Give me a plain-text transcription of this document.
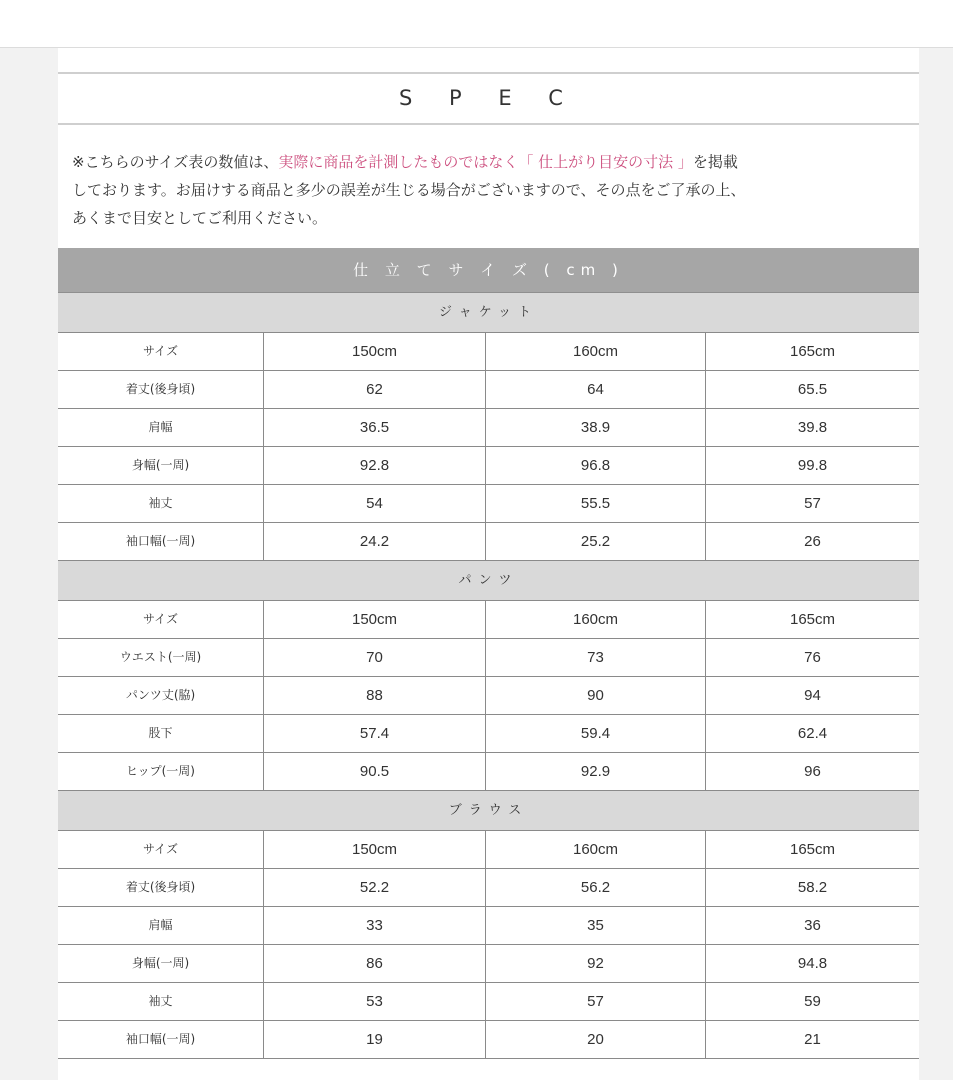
S P E C
※こちらのサイズ表の数値は、実際に商品を計測したものではなく「 仕上がり目安の寸法 」を掲載
しております。お届けする商品と多少の誤差が生じる場合がございますので、その点をご了承の上、
あくまで目安としてご利用ください。
仕 立 て サ イ ズ ( cm )
ジャケット
サイズ	150cm	160cm	165cm
着丈(後身頃)	62	64	65.5
肩幅	36.5	38.9	39.8
身幅(一周)	92.8	96.8	99.8
袖丈	54	55.5	57
袖口幅(一周)	24.2	25.2	26
パンツ
サイズ	150cm	160cm	165cm
ウエスト(一周)	70	73	76
パンツ丈(脇)	88	90	94
股下	57.4	59.4	62.4
ヒップ(一周)	90.5	92.9	96
ブラウス
サイズ	150cm	160cm	165cm
着丈(後身頃)	52.2	56.2	58.2
肩幅	33	35	36
身幅(一周)	86	92	94.8
袖丈	53	57	59
袖口幅(一周)	19	20	21
